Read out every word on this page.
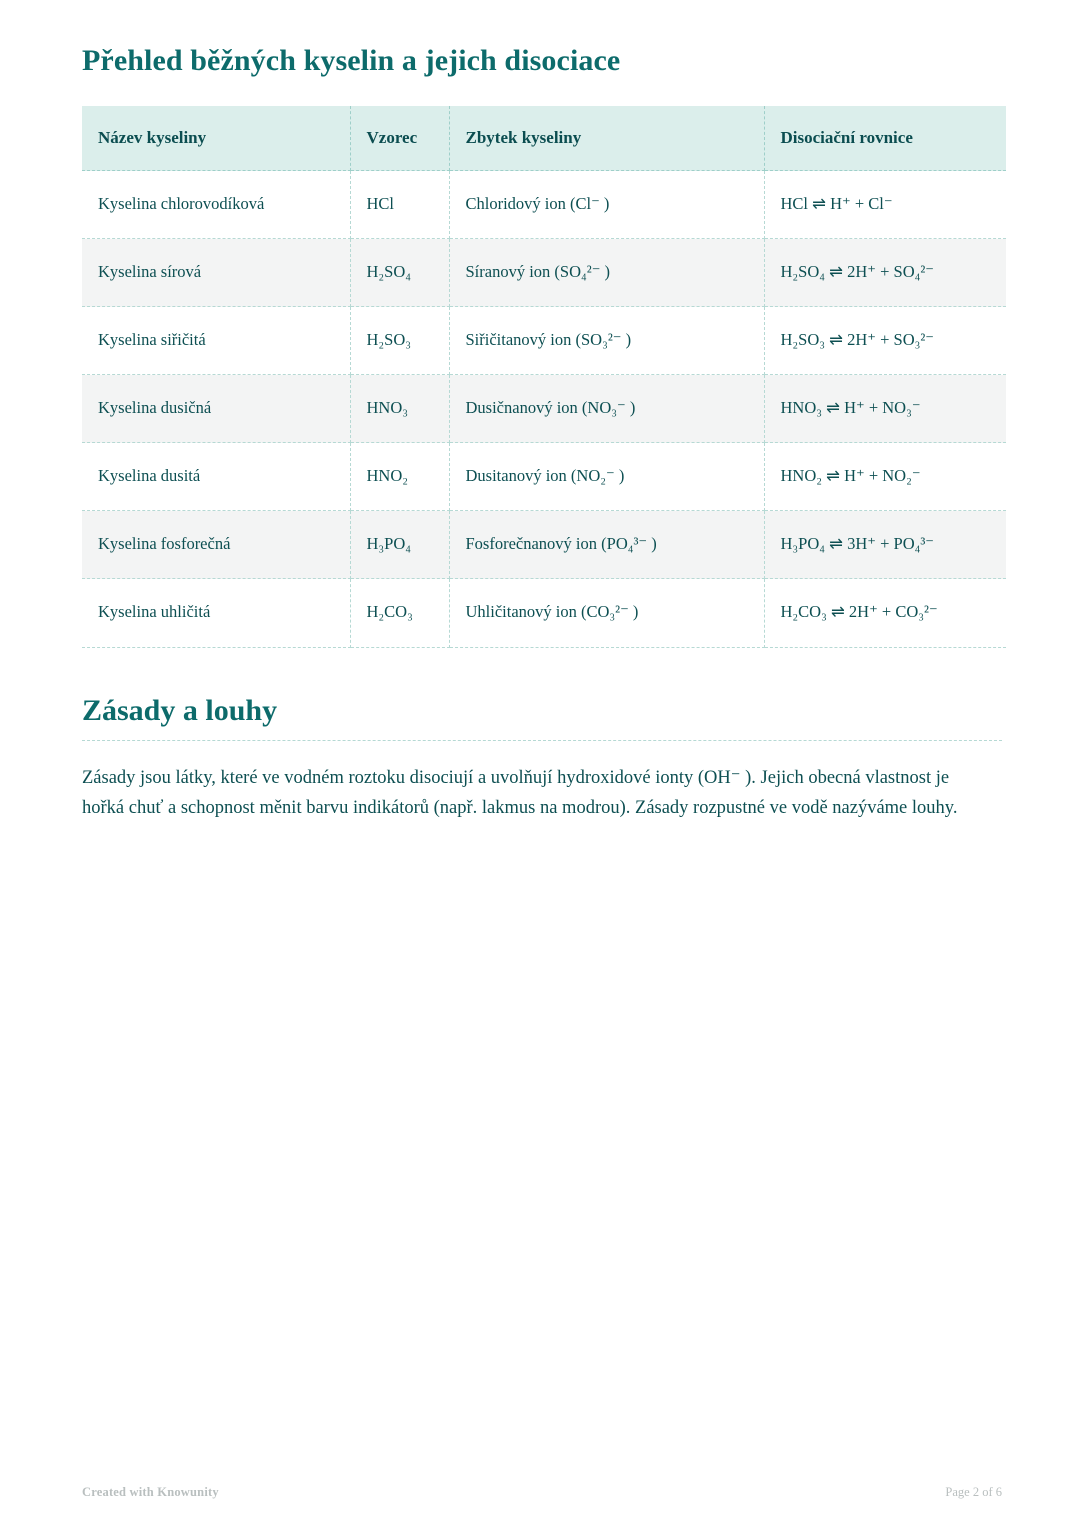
Přehled běžných kyselin a jejich disociace
Název kyseliny	Vzorec	Zbytek kyseliny	Disociační rovnice
Kyselina chlorovodíková	HCl	Chloridový ion (Cl⁻ )	HCl ⇌ H⁺ + Cl⁻
Kyselina sírová	H₂SO₄	Síranový ion (SO₄²⁻ )	H₂SO₄ ⇌ 2H⁺ + SO₄²⁻
Kyselina siřičitá	H₂SO₃	Siřičitanový ion (SO₃²⁻ )	H₂SO₃ ⇌ 2H⁺ + SO₃²⁻
Kyselina dusičná	HNO₃	Dusičnanový ion (NO₃⁻ )	HNO₃ ⇌ H⁺ + NO₃⁻
Kyselina dusitá	HNO₂	Dusitanový ion (NO₂⁻ )	HNO₂ ⇌ H⁺ + NO₂⁻
Kyselina fosforečná	H₃PO₄	Fosforečnanový ion (PO₄³⁻ )	H₃PO₄ ⇌ 3H⁺ + PO₄³⁻
Kyselina uhličitá	H₂CO₃	Uhličitanový ion (CO₃²⁻ )	H₂CO₃ ⇌ 2H⁺ + CO₃²⁻
Zásady a louhy

Zásady jsou látky, které ve vodném roztoku disociují a uvolňují hydroxidové ionty (OH⁻ ). Jejich obecná vlastnost je hořká chuť a schopnost měnit barvu indikátorů (např. lakmus na modrou). Zásady rozpustné ve vodě nazýváme louhy.

Created with Knowunity	Page 2 of 6
